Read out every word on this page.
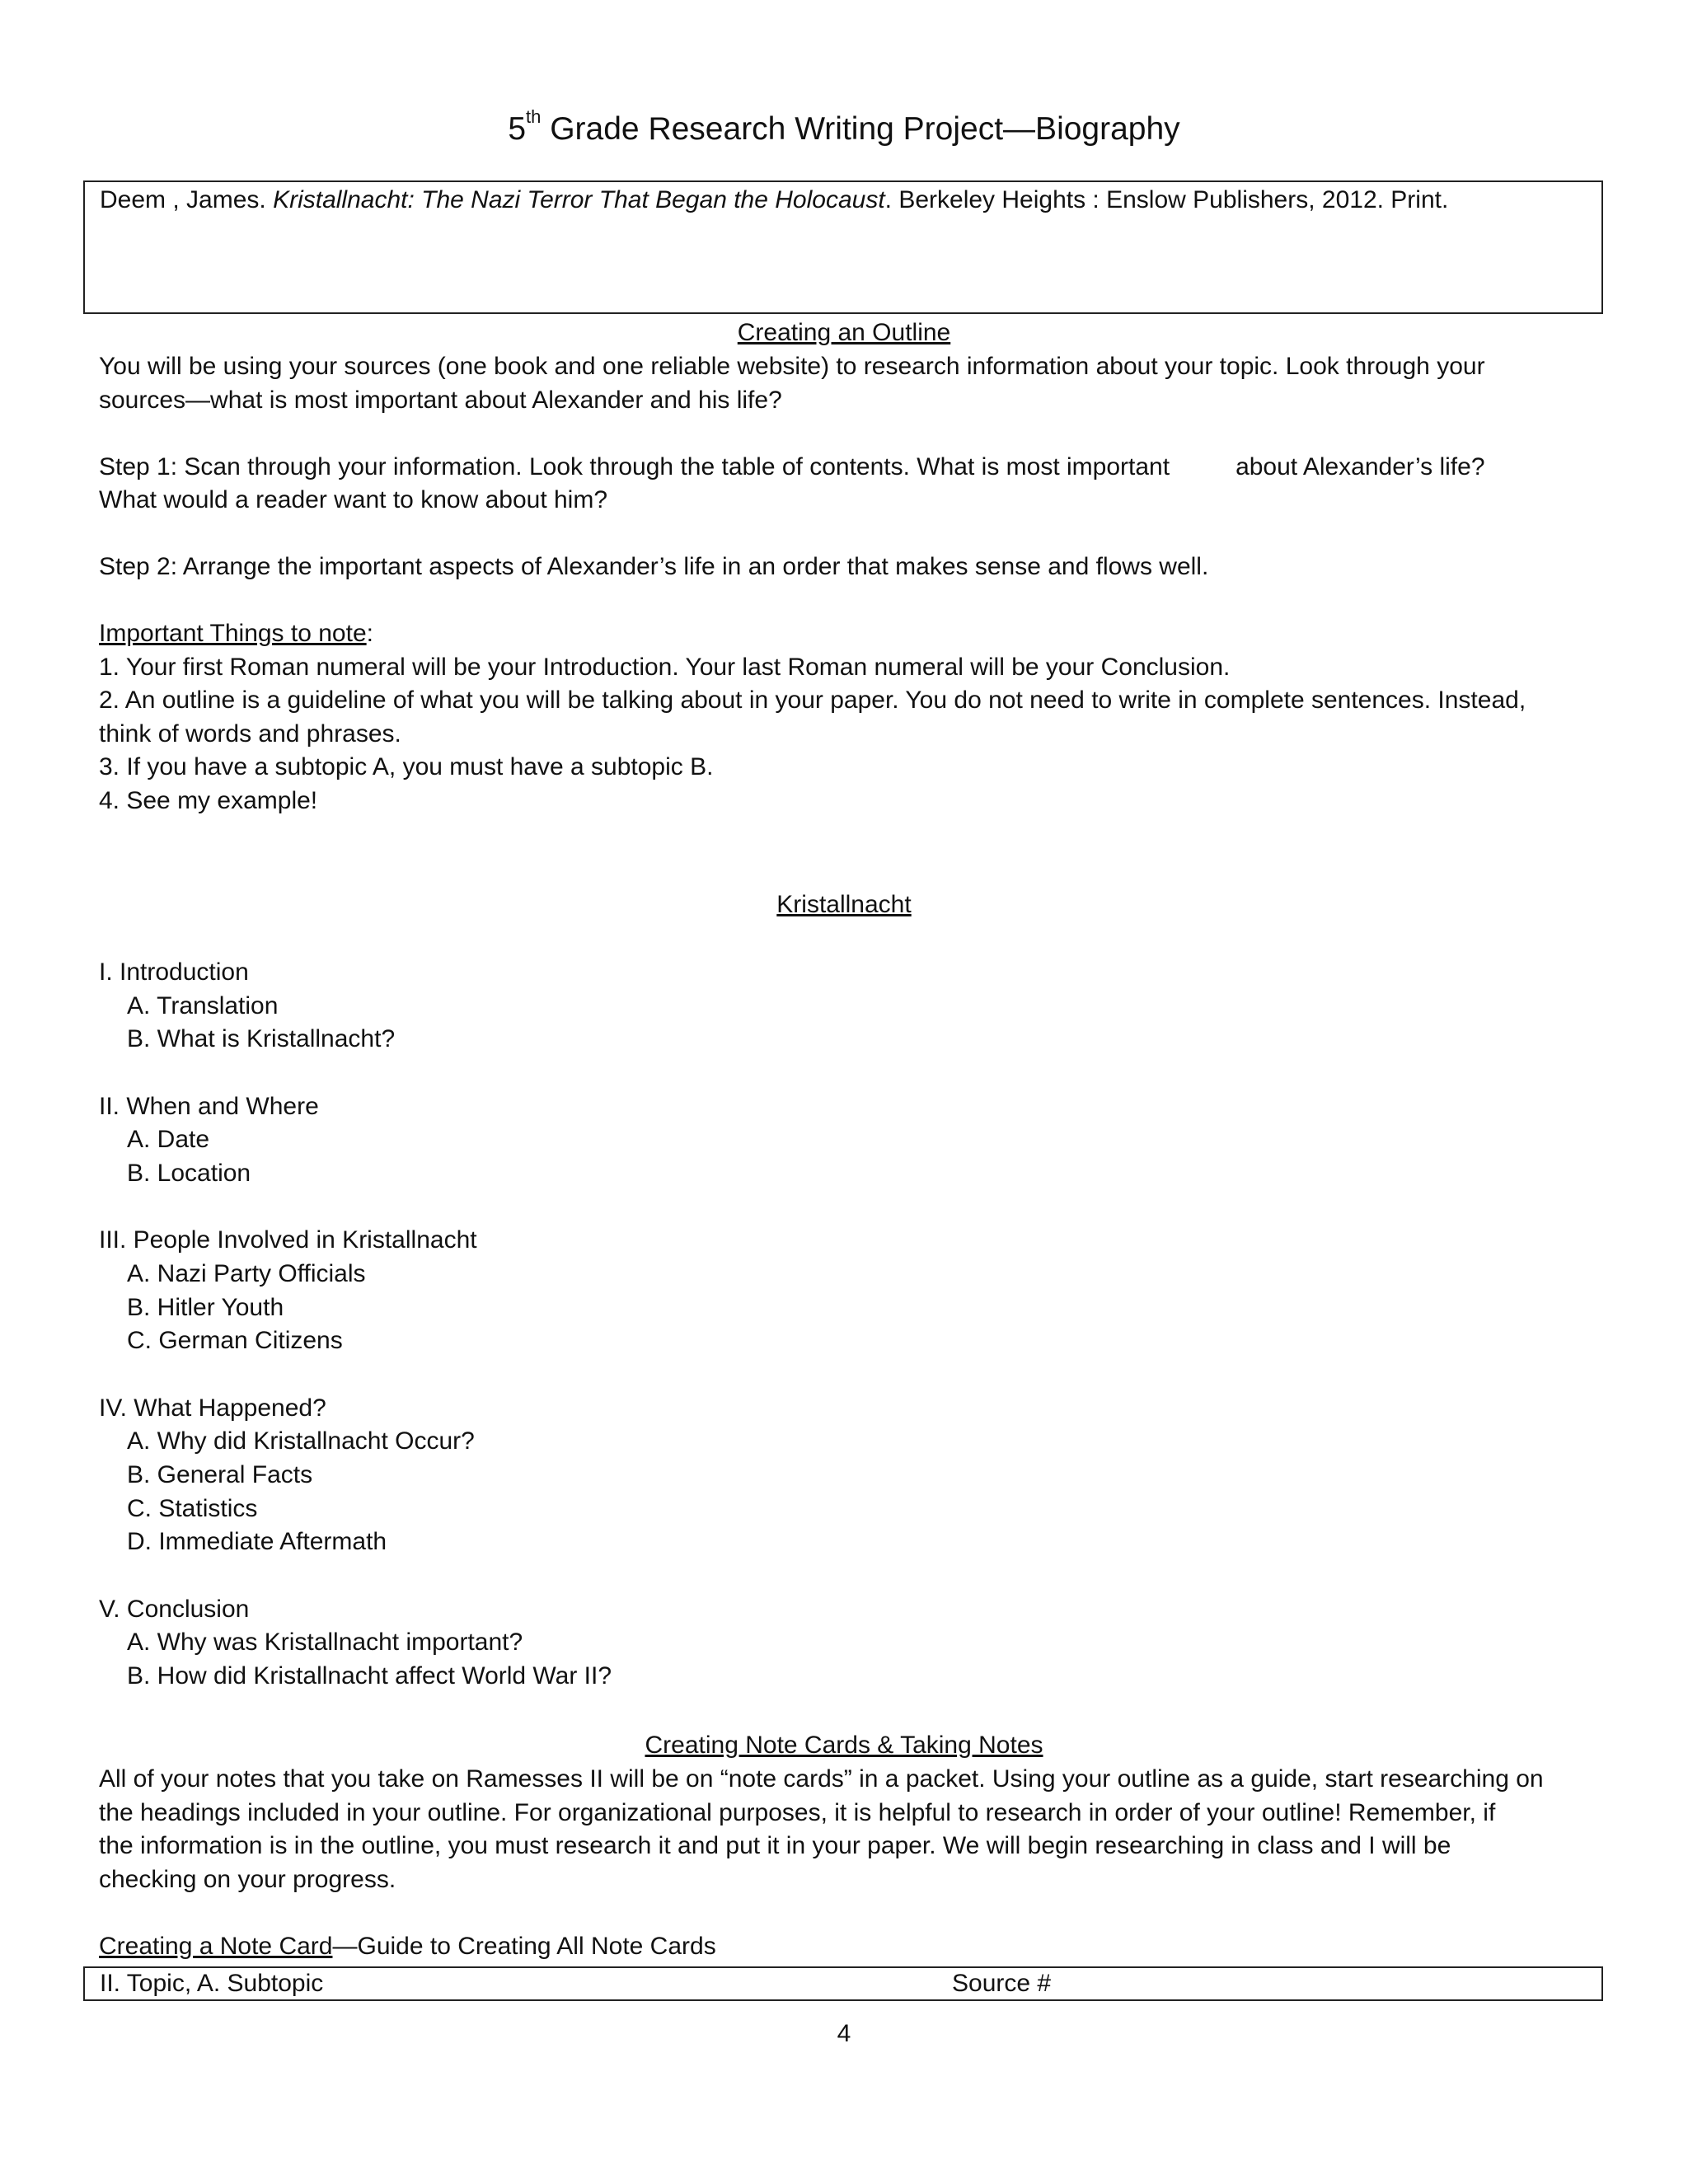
5th Grade Research Writing Project—Biography
Deem , James. Kristallnacht: The Nazi Terror That Began the Holocaust. Berkeley Heights : Enslow Publishers, 2012. Print.
Creating an Outline

You will be using your sources (one book and one reliable website) to research information about your topic. Look through your

sources—what is most important about Alexander and his life?

Step 1: Scan through your information. Look through the table of contents. What is most important	about Alexander’s life?

What would a reader want to know about him?

Step 2: Arrange the important aspects of Alexander’s life in an order that makes sense and flows well.

Important Things to note:

1. Your first Roman numeral will be your Introduction. Your last Roman numeral will be your Conclusion.

2. An outline is a guideline of what you will be talking about in your paper. You do not need to write in complete sentences. Instead,

think of words and phrases.

3. If you have a subtopic A, you must have a subtopic B.

4. See my example!

Kristallnacht

I. Introduction

A. Translation

B. What is Kristallnacht?

II. When and Where

A. Date

B. Location

III. People Involved in Kristallnacht

A. Nazi Party Officials

B. Hitler Youth

C. German Citizens

IV. What Happened?

A. Why did Kristallnacht Occur?

B. General Facts

C. Statistics

D. Immediate Aftermath

V. Conclusion

A. Why was Kristallnacht important?

B. How did Kristallnacht affect World War II?

Creating Note Cards & Taking Notes

All of your notes that you take on Ramesses II will be on “note cards” in a packet. Using your outline as a guide, start researching on

the headings included in your outline. For organizational purposes, it is helpful to research in order of your outline! Remember, if

the information is in the outline, you must research it and put it in your paper. We will begin researching in class and I will be

checking on your progress.

Creating a Note Card—Guide to Creating All Note Cards

II. Topic, A. Subtopic	Source #
4
